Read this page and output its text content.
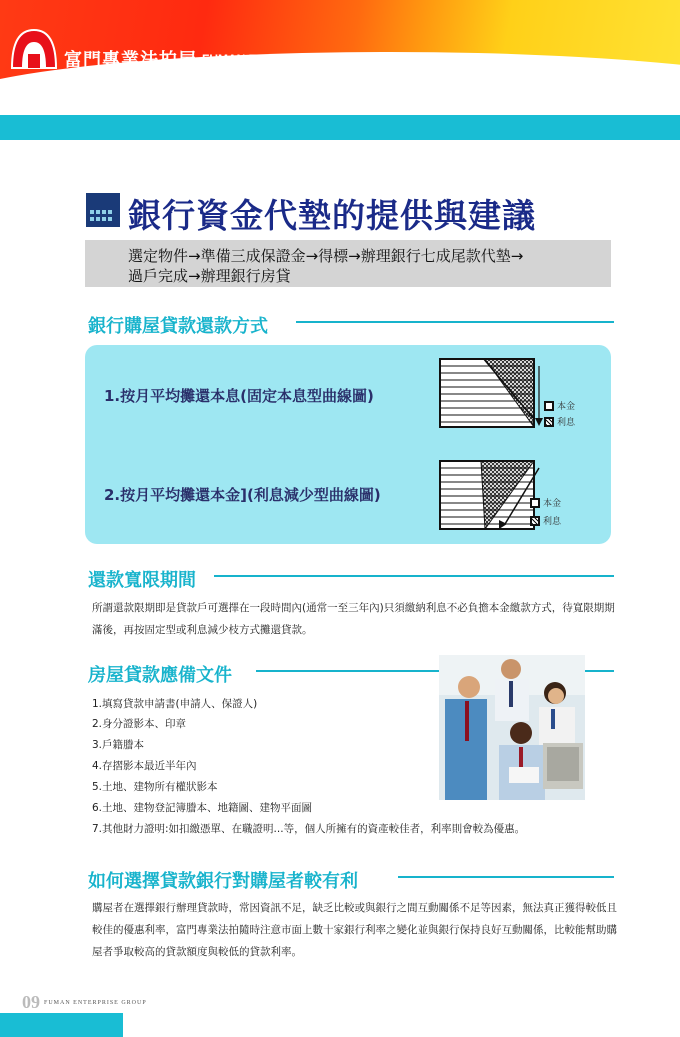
富門專業法拍屋 FUMAN ENTERPRISE
銀行資金代墊的提供與建議
選定物件→準備三成保證金→得標→辦理銀行七成尾款代墊→
過戶完成→辦理銀行房貸
銀行購屋貸款還款方式
1.按月平均攤還本息(固定本息型曲線圖)
2.按月平均攤還本金](利息減少型曲線圖)
本金
利息
本金
利息
還款寬限期間
所謂還款限期即是貸款戶可選擇在一段時間內(通常一至三年內)只須繳納利息不必負擔本金繳款方式，待寬限期期滿後，再按固定型或利息減少枝方式攤還貸款。
房屋貸款應備文件
1.填寫貸款申請書(申請人、保證人)
2.身分證影本、印章
3.戶籍謄本
4.存摺影本最近半年內
5.土地、建物所有權狀影本
6.土地、建物登記簿謄本、地籍圖、建物平面圖
7.其他財力證明:如扣繳憑單、在職證明...等，個人所擁有的資產較佳者，利率則會較為優惠。
如何選擇貸款銀行對購屋者較有利
購屋者在選擇銀行辦理貸款時，常因資訊不足，缺乏比較或與銀行之間互動關係不足等因素，無法真正獲得較低且較佳的優惠利率，富門專業法拍隨時注意市面上數十家銀行利率之變化並與銀行保持良好互動關係，比較能幫助購屋者爭取較高的貸款額度與較低的貸款利率。
09 FUMAN ENTERPRISE GROUP
